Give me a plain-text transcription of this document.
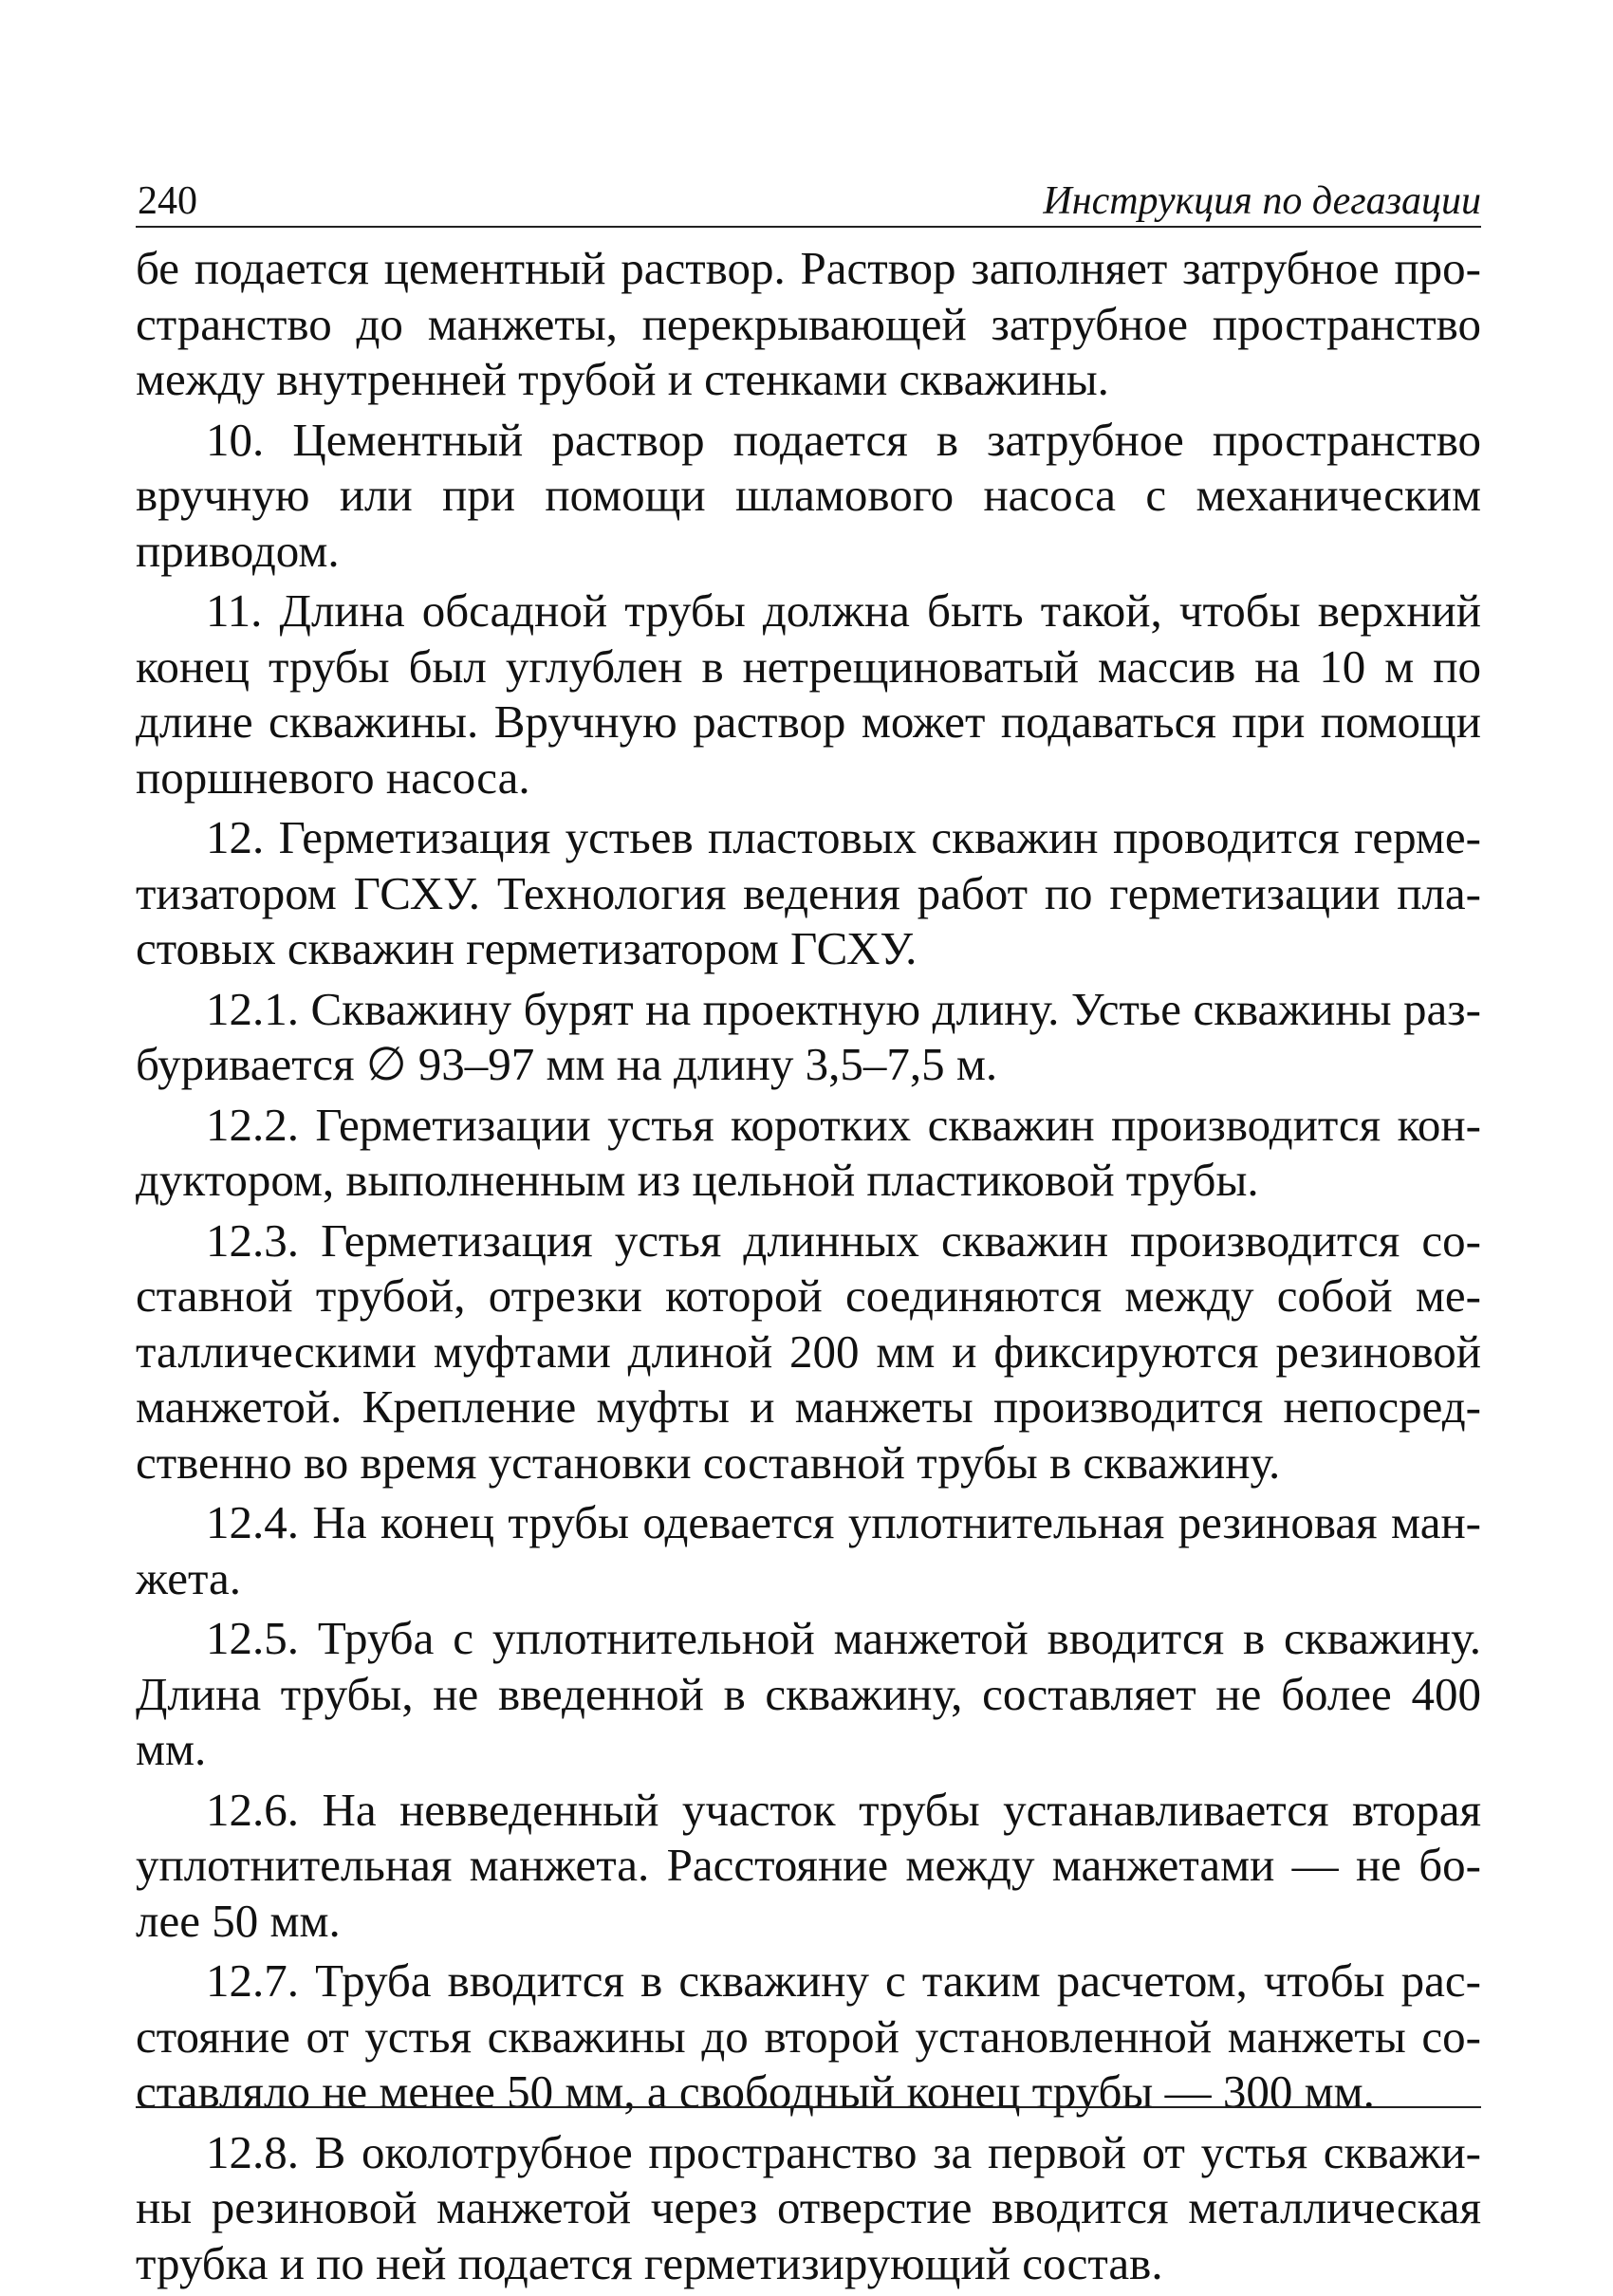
240	Инструкция по дегазации

бе подается цементный раствор. Раствор заполняет затрубное пространство до манжеты, перекрывающей затрубное пространство между внутренней трубой и стенками скважины.

10. Цементный раствор подается в затрубное пространство вручную или при помощи шламового насоса с механическим приводом.

11. Длина обсадной трубы должна быть такой, чтобы верхний конец трубы был углублен в нетрещиноватый массив на 10 м по длине скважины. Вручную раствор может подаваться при помощи поршневого насоса.

12. Герметизация устьев пластовых скважин проводится герметизатором ГСХУ. Технология ведения работ по герметизации пластовых скважин герметизатором ГСХУ.

12.1. Скважину бурят на проектную длину. Устье скважины разбуривается ∅ 93–97 мм на длину 3,5–7,5 м.

12.2. Герметизации устья коротких скважин производится кондуктором, выполненным из цельной пластиковой трубы.

12.3. Герметизация устья длинных скважин производится составной трубой, отрезки которой соединяются между собой металлическими муфтами длиной 200 мм и фиксируются резиновой манжетой. Крепление муфты и манжеты производится непосредственно во время установки составной трубы в скважину.

12.4. На конец трубы одевается уплотнительная резиновая манжета.

12.5. Труба с уплотнительной манжетой вводится в скважину. Длина трубы, не введенной в скважину, составляет не более 400 мм.

12.6. На невведенный участок трубы устанавливается вторая уплотнительная манжета. Расстояние между манжетами — не более 50 мм.

12.7. Труба вводится в скважину с таким расчетом, чтобы расстояние от устья скважины до второй установленной манжеты составляло не менее 50 мм, а свободный конец трубы — 300 мм.

12.8. В околотрубное пространство за первой от устья скважины резиновой манжетой через отверстие вводится металлическая трубка и по ней подается герметизирующий состав.
